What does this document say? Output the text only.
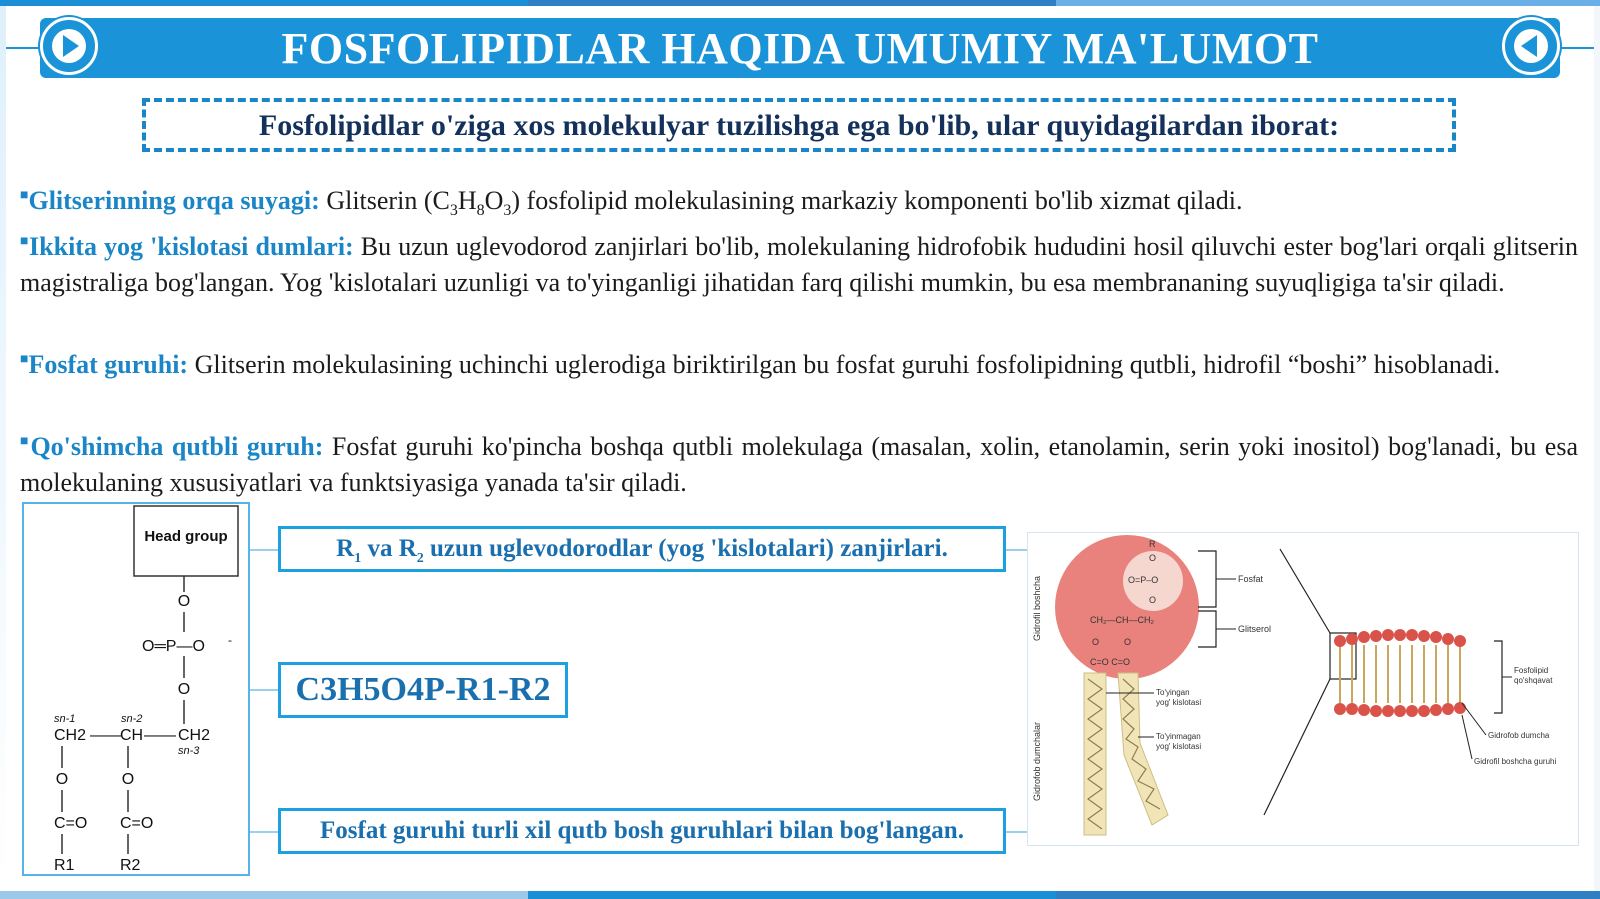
FOSFOLIPIDLAR HAQIDA UMUMIY MA'LUMOT
Fosfolipidlar o'ziga xos molekulyar tuzilishga ega bo'lib, ular quyidagilardan iborat:
■Glitserinning orqa suyagi: Glitserin $(C_3H_8O_3)$ fosfolipid molekulasining markaziy komponenti bo'lib xizmat qiladi.
■Ikkita yog 'kislotasi dumlari: Bu uzun uglevodorod zanjirlari bo'lib, molekulaning hidrofobik hududini hosil qiluvchi ester bog'lari orqali glitserin magistraliga bog'langan. Yog 'kislotalari uzunligi va to'yinganligi jihatidan farq qilishi mumkin, bu esa membrananing suyuqligiga ta'sir qiladi.
■Fosfat guruhi: Glitserin molekulasining uchinchi uglerodiga biriktirilgan bu fosfat guruhi fosfolipidning qutbli, hidrofil “boshi” hisoblanadi.
■Qo'shimcha qutbli guruh: Fosfat guruhi ko'pincha boshqa qutbli molekulaga (masalan, xolin, etanolamin, serin yoki inositol) bog'lanadi, bu esa molekulaning xususiyatlari va funktsiyasiga yanada ta'sir qiladi.
Head group
O
O═P—O -
O
sn-1	sn-2
CH2 ——
CH —— CH2
sn-3
O	O
C=O C=O
R1	R2
$R_1$ va $R_2$ uzun uglevodorodlar (yog 'kislotalari) zanjirlari.
C3H5O4P-R1-R2
Fosfat guruhi turli xil qutb bosh guruhlari bilan bog'langan.
Gidrofil boshcha
Gidrofob dumchalar
R
O
O=P–O
O
CH₂—CH—CH₂
O	O
C=O C=O
Fosfat
Glitserol
To'yingan
yog' kislotasi
To'yinmagan
yog' kislotasi
Fosfolipid
qo'shqavat
Gidrofob dumcha
Gidrofil boshcha guruhi
